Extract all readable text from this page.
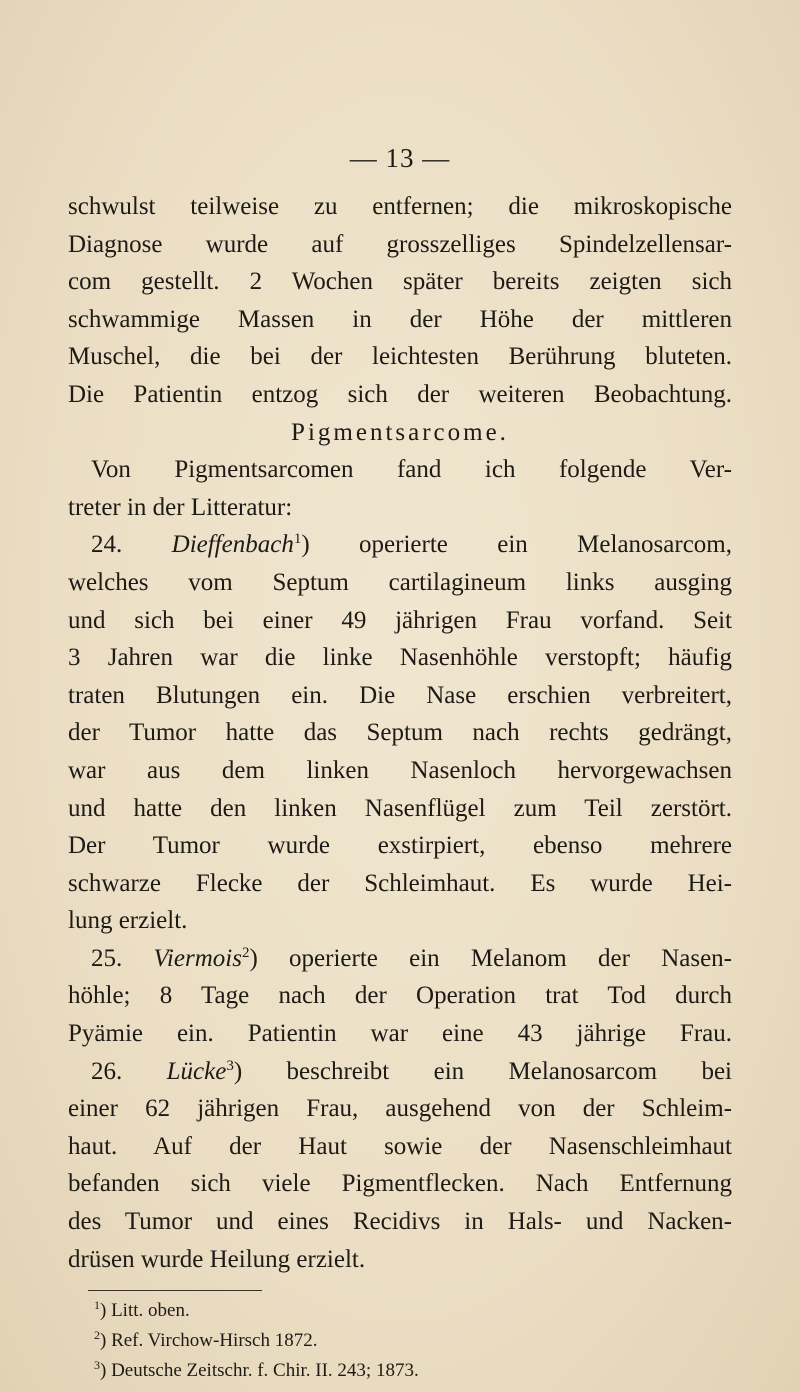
— 13 —
schwulst teilweise zu entfernen; die mikroskopische
Diagnose wurde auf grosszelliges Spindelzellensar-
com gestellt. 2 Wochen später bereits zeigten sich
schwammige Massen in der Höhe der mittleren
Muschel, die bei der leichtesten Berührung bluteten.
Die Patientin entzog sich der weiteren Beobachtung.
Pigmentsarcome.
Von Pigmentsarcomen fand ich folgende Ver-
treter in der Litteratur:
24. Dieffenbach$^1$) operierte ein Melanosarcom,
welches vom Septum cartilagineum links ausging
und sich bei einer 49 jährigen Frau vorfand. Seit
3 Jahren war die linke Nasenhöhle verstopft; häufig
traten Blutungen ein. Die Nase erschien verbreitert,
der Tumor hatte das Septum nach rechts gedrängt,
war aus dem linken Nasenloch hervorgewachsen
und hatte den linken Nasenflügel zum Teil zerstört.
Der Tumor wurde exstirpiert, ebenso mehrere
schwarze Flecke der Schleimhaut. Es wurde Hei-
lung erzielt.
25. Viermois$^2$) operierte ein Melanom der Nasen-
höhle; 8 Tage nach der Operation trat Tod durch
Pyämie ein. Patientin war eine 43 jährige Frau.
26. Lücke$^3$) beschreibt ein Melanosarcom bei
einer 62 jährigen Frau, ausgehend von der Schleim-
haut. Auf der Haut sowie der Nasenschleimhaut
befanden sich viele Pigmentflecken. Nach Entfernung
des Tumor und eines Recidivs in Hals- und Nacken-
drüsen wurde Heilung erzielt.
$^1$) Litt. oben.
$^2$) Ref. Virchow-Hirsch 1872.
$^3$) Deutsche Zeitschr. f. Chir. II. 243; 1873.
